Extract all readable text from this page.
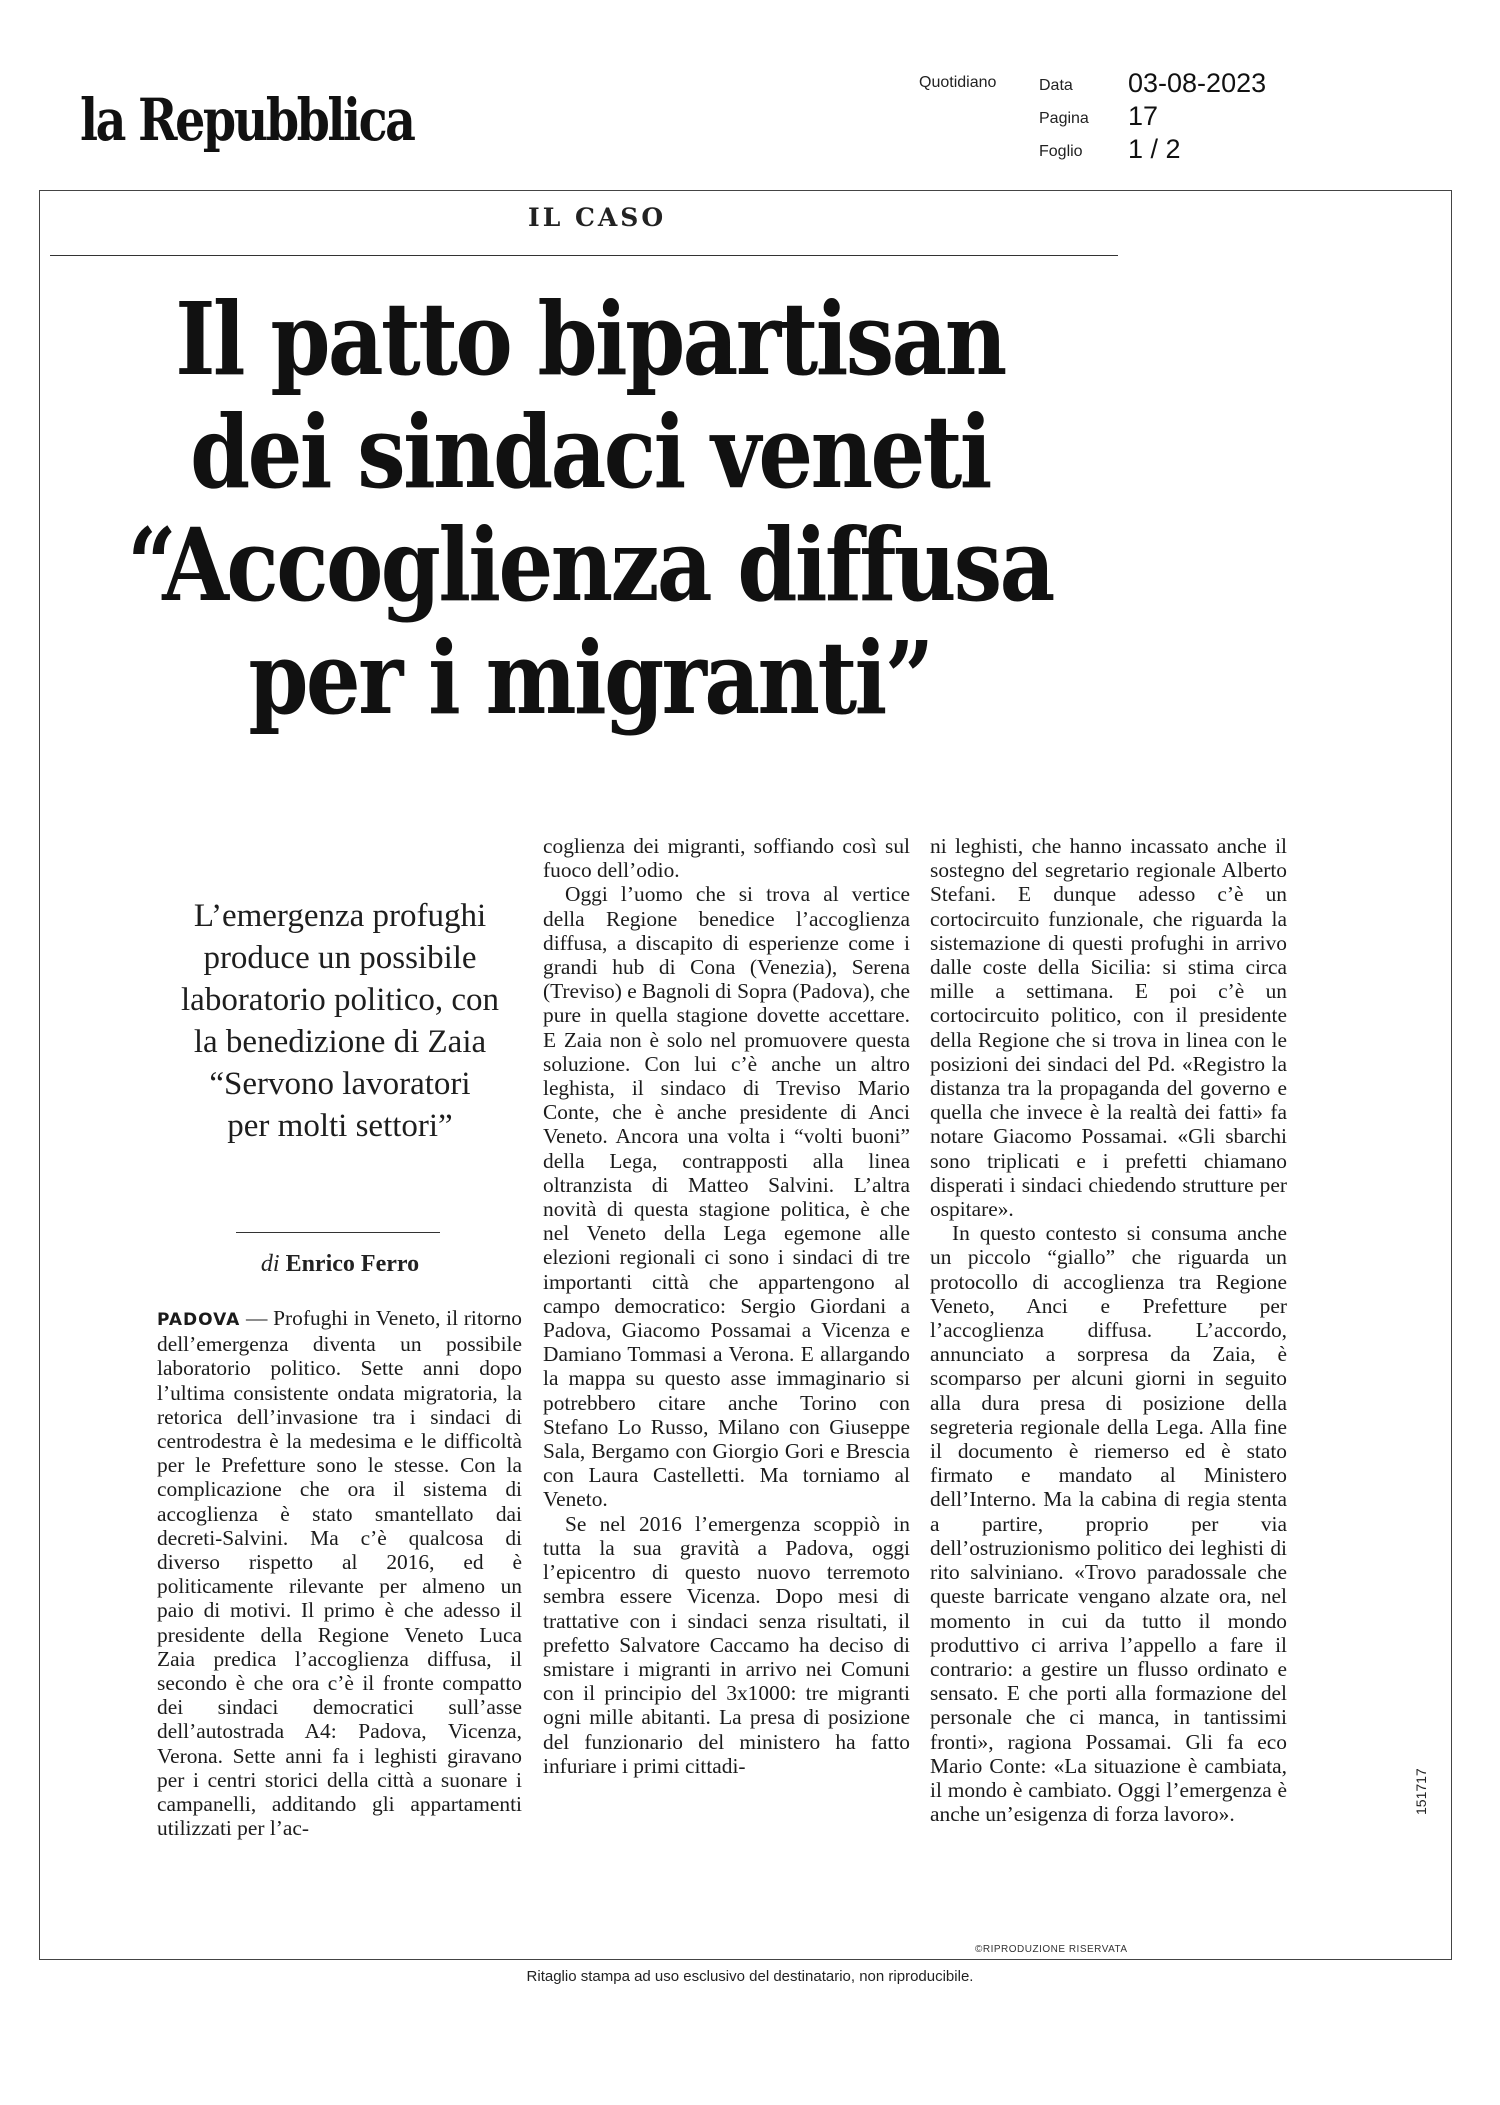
la Repubblica
Quotidiano	Data 03-08-2023
Pagina 17
Foglio 1 / 2
IL CASO
Il patto bipartisan
dei sindaci veneti
“Accoglienza diffusa
per i migranti”
L’emergenza profughi
produce un possibile
laboratorio politico, con
la benedizione di Zaia
“Servono lavoratori
per molti settori”
di Enrico Ferro

PADOVA — Profughi in Veneto, il ritorno dell’emergenza diventa un possibile laboratorio politico. Sette anni dopo l’ultima consistente ondata migratoria, la retorica dell’invasione tra i sindaci di centrodestra è la medesima e le difficoltà per le Prefetture sono le stesse. Con la complicazione che ora il sistema di accoglienza è stato smantellato dai decreti-Salvini. Ma c’è qualcosa di diverso rispetto al 2016, ed è politicamente rilevante per almeno un paio di motivi. Il primo è che adesso il presidente della Regione Veneto Luca Zaia predica l’accoglienza diffusa, il secondo è che ora c’è il fronte compatto dei sindaci democratici sull’asse dell’autostrada A4: Padova, Vicenza, Verona. Sette anni fa i leghisti giravano per i centri storici della città a suonare i campanelli, additando gli appartamenti utilizzati per l’ac-

coglienza dei migranti, soffiando così sul fuoco dell’odio.

Oggi l’uomo che si trova al vertice della Regione benedice l’accoglienza diffusa, a discapito di esperienze come i grandi hub di Cona (Venezia), Serena (Treviso) e Bagnoli di Sopra (Padova), che pure in quella stagione dovette accettare. E Zaia non è solo nel promuovere questa soluzione. Con lui c’è anche un altro leghista, il sindaco di Treviso Mario Conte, che è anche presidente di Anci Veneto. Ancora una volta i “volti buoni” della Lega, contrapposti alla linea oltranzista di Matteo Salvini. L’altra novità di questa stagione politica, è che nel Veneto della Lega egemone alle elezioni regionali ci sono i sindaci di tre importanti città che appartengono al campo democratico: Sergio Giordani a Padova, Giacomo Possamai a Vicenza e Damiano Tommasi a Verona. E allargando la mappa su questo asse immaginario si potrebbero citare anche Torino con Stefano Lo Russo, Milano con Giuseppe Sala, Bergamo con Giorgio Gori e Brescia con Laura Castelletti. Ma torniamo al Veneto.

Se nel 2016 l’emergenza scoppiò in tutta la sua gravità a Padova, oggi l’epicentro di questo nuovo terremoto sembra essere Vicenza. Dopo mesi di trattative con i sindaci senza risultati, il prefetto Salvatore Caccamo ha deciso di smistare i migranti in arrivo nei Comuni con il principio del 3x1000: tre migranti ogni mille abitanti. La presa di posizione del funzionario del ministero ha fatto infuriare i primi cittadi-

ni leghisti, che hanno incassato anche il sostegno del segretario regionale Alberto Stefani. E dunque adesso c’è un cortocircuito funzionale, che riguarda la sistemazione di questi profughi in arrivo dalle coste della Sicilia: si stima circa mille a settimana. E poi c’è un cortocircuito politico, con il presidente della Regione che si trova in linea con le posizioni dei sindaci del Pd. «Registro la distanza tra la propaganda del governo e quella che invece è la realtà dei fatti» fa notare Giacomo Possamai. «Gli sbarchi sono triplicati e i prefetti chiamano disperati i sindaci chiedendo strutture per ospitare».

In questo contesto si consuma anche un piccolo “giallo” che riguarda un protocollo di accoglienza tra Regione Veneto, Anci e Prefetture per l’accoglienza diffusa. L’accordo, annunciato a sorpresa da Zaia, è scomparso per alcuni giorni in seguito alla dura presa di posizione della segreteria regionale della Lega. Alla fine il documento è riemerso ed è stato firmato e mandato al Ministero dell’Interno. Ma la cabina di regia stenta a partire, proprio per via dell’ostruzionismo politico dei leghisti di rito salviniano. «Trovo paradossale che queste barricate vengano alzate ora, nel momento in cui da tutto il mondo produttivo ci arriva l’appello a fare il contrario: a gestire un flusso ordinato e sensato. E che porti alla formazione del personale che ci manca, in tantissimi fronti», ragiona Possamai. Gli fa eco Mario Conte: «La situazione è cambiata, il mondo è cambiato. Oggi l’emergenza è anche un’esigenza di forza lavoro».

©RIPRODUZIONE RISERVATA
Ritaglio stampa ad uso esclusivo del destinatario, non riproducibile.
151717
